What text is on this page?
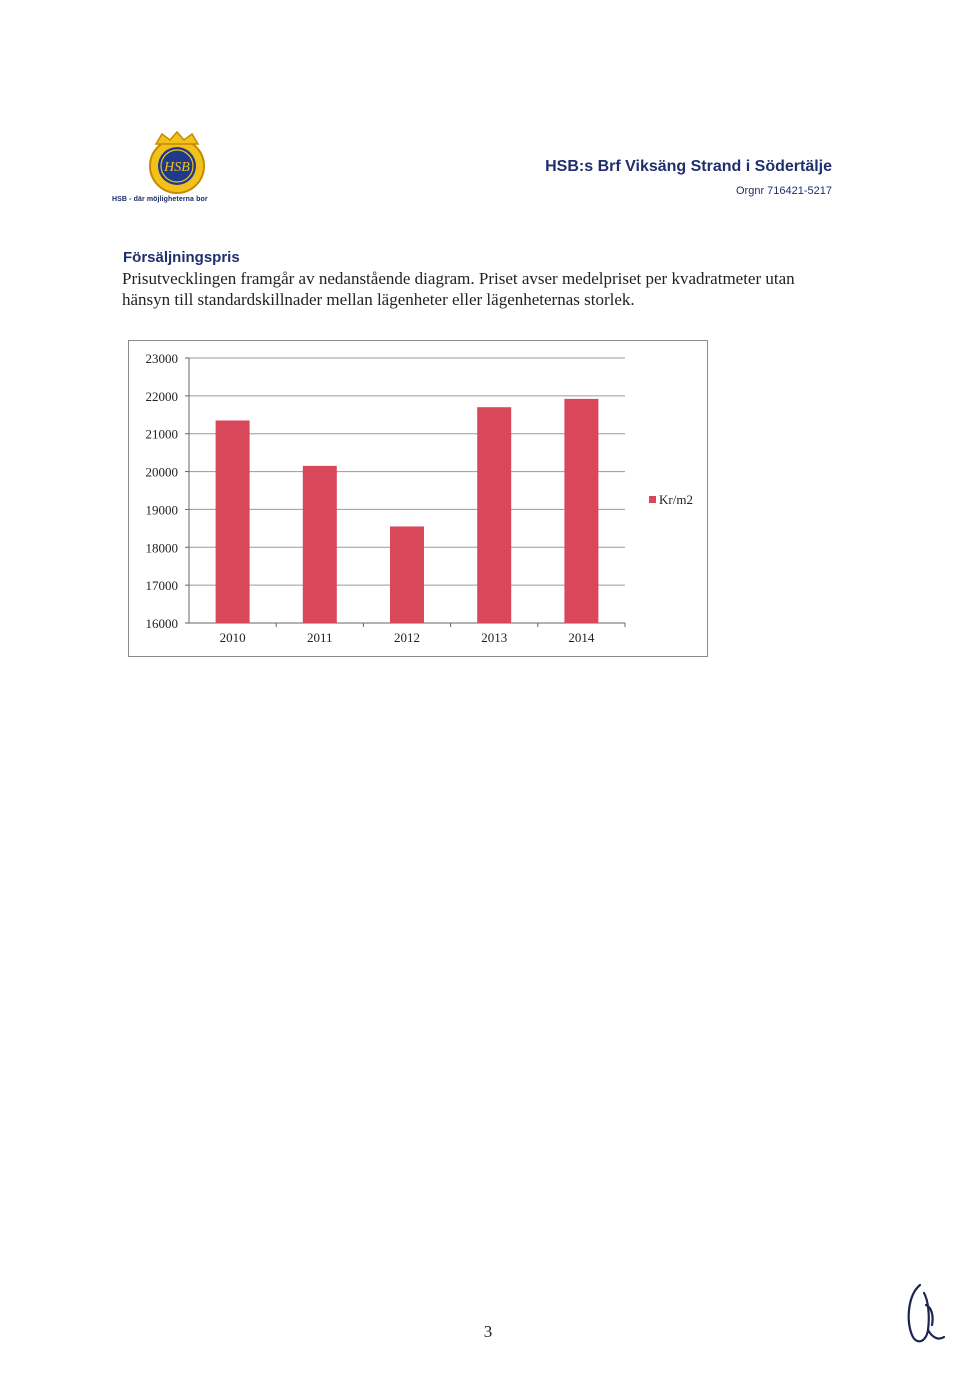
HSB
HSB - där möjligheterna bor
HSB:s Brf Viksäng Strand i Södertälje
Orgnr 716421-5217
Försäljningspris
Prisutvecklingen framgår av nedanstående diagram. Priset avser medelpriset per kvadratmeter utan hänsyn till standardskillnader mellan lägenheter eller lägenheternas storlek.
23000
22000
21000
20000
19000
18000
17000
16000
2010	2011	2012	2013	2014
Kr/m2
3
